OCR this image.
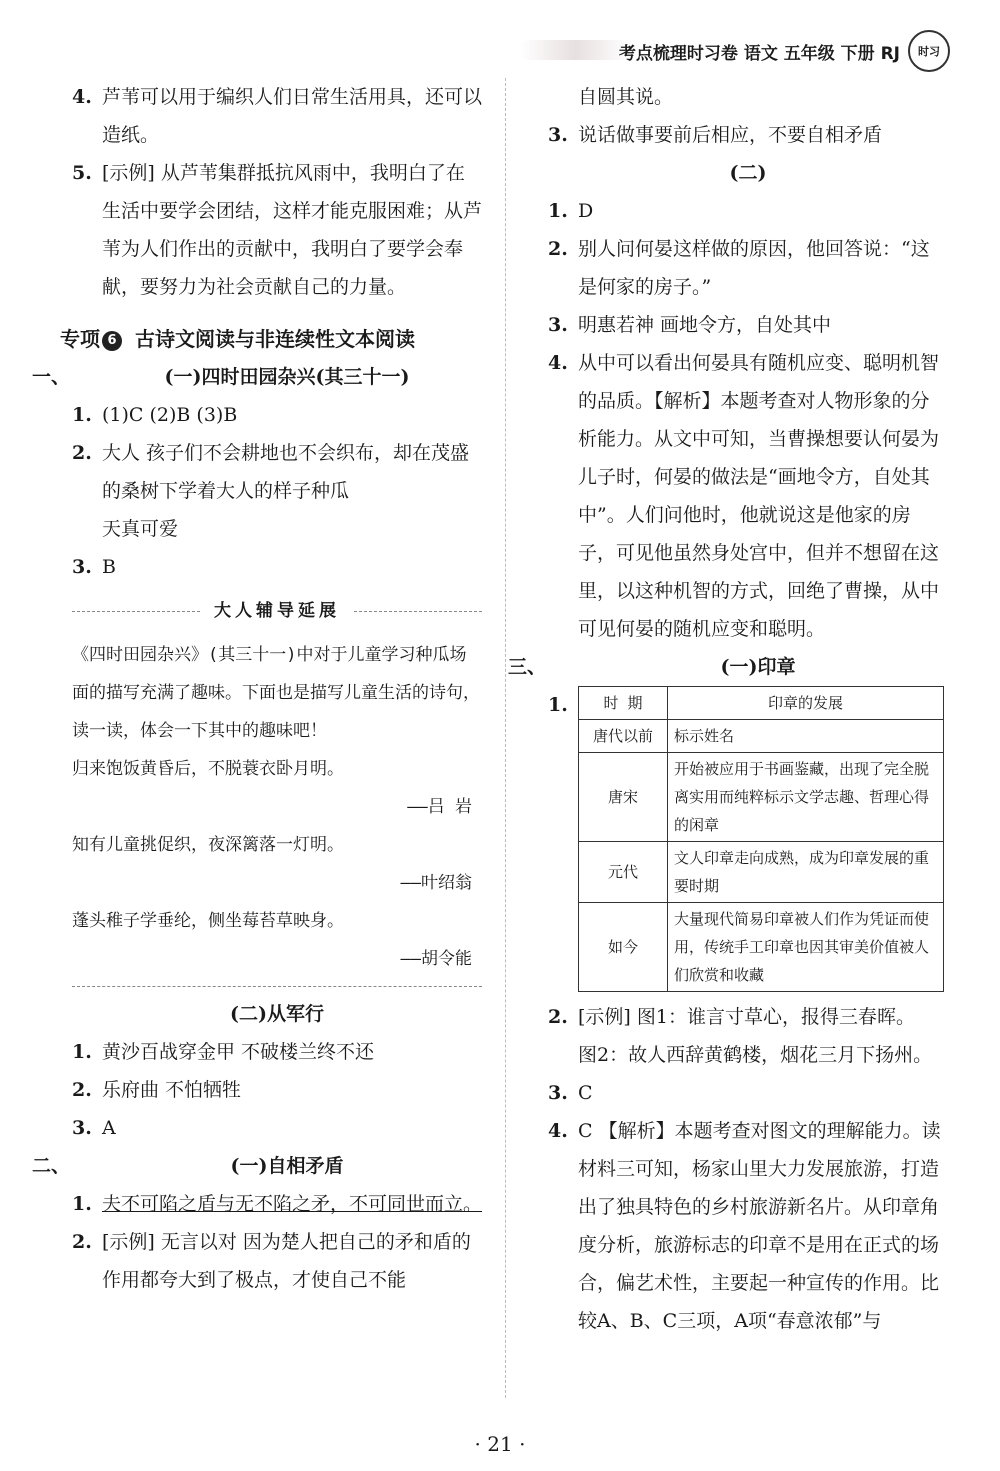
考点梳理时习卷 语文 五年级 下册 RJ	时习
4. 芦苇可以用于编织人们日常生活用具，还可以造纸。
5. [示例] 从芦苇集群抵抗风雨中，我明白了在生活中要学会团结，这样才能克服困难；从芦苇为人们作出的贡献中，我明白了要学会奉献，要努力为社会贡献自己的力量。
专项 6 古诗文阅读与非连续性文本阅读
一、	(一)四时田园杂兴(其三十一)
1. (1)C (2)B (3)B
2. 大人 孩子们不会耕地也不会织布，却在茂盛的桑树下学着大人的样子种瓜
天真可爱
3. B
大人辅导延展
《四时田园杂兴》(其三十一)中对于儿童学习种瓜场面的描写充满了趣味。下面也是描写儿童生活的诗句，读一读，体会一下其中的趣味吧！
归来饱饭黄昏后，不脱蓑衣卧月明。
——吕 岩
知有儿童挑促织，夜深篱落一灯明。
——叶绍翁
蓬头稚子学垂纶，侧坐莓苔草映身。
——胡令能
(二)从军行
1. 黄沙百战穿金甲 不破楼兰终不还
2. 乐府曲 不怕牺牲
3. A
二、	(一)自相矛盾
1. 夫不可陷之盾与无不陷之矛，不可同世而立。
2. [示例] 无言以对 因为楚人把自己的矛和盾的作用都夸大到了极点，才使自己不能
自圆其说。
3. 说话做事要前后相应，不要自相矛盾
(二)
1. D
2. 别人问何晏这样做的原因，他回答说：“这是何家的房子。”
3. 明惠若神 画地令方，自处其中
4. 从中可以看出何晏具有随机应变、聪明机智的品质。【解析】本题考查对人物形象的分析能力。从文中可知，当曹操想要认何晏为儿子时，何晏的做法是“画地令方，自处其中”。人们问他时，他就说这是他家的房子，可见他虽然身处宫中，但并不想留在这里，以这种机智的方式，回绝了曹操，从中可见何晏的随机应变和聪明。
三、	(一)印章
1.	时 期	印章的发展
唐代以前	标示姓名
唐宋	开始被应用于书画鉴藏，出现了完全脱离实用而纯粹标示文学志趣、哲理心得的闲章
元代	文人印章走向成熟，成为印章发展的重要时期
如今	大量现代简易印章被人们作为凭证而使用，传统手工印章也因其审美价值被人们欣赏和收藏
2. [示例] 图1：谁言寸草心，报得三春晖。
图2：故人西辞黄鹤楼，烟花三月下扬州。
3. C
4. C 【解析】本题考查对图文的理解能力。读材料三可知，杨家山里大力发展旅游，打造出了独具特色的乡村旅游新名片。从印章角度分析，旅游标志的印章不是用在正式的场合，偏艺术性，主要起一种宣传的作用。比较A、B、C三项，A项“春意浓郁”与
· 21 ·
